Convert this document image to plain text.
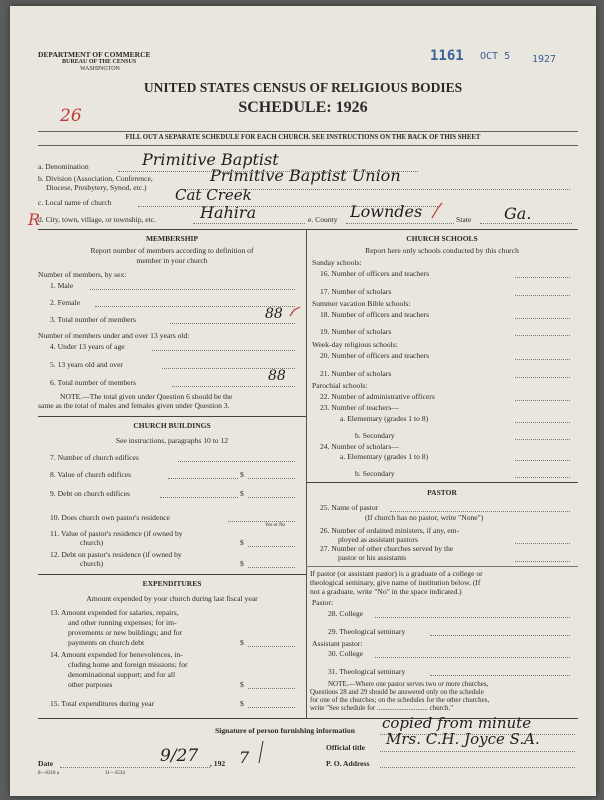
DEPARTMENT OF COMMERCE
BUREAU OF THE CENSUS
WASHINGTON
1161 OCT 5 1927
UNITED STATES CENSUS OF RELIGIOUS BODIES
SCHEDULE: 1926
26
FILL OUT A SEPARATE SCHEDULE FOR EACH CHURCH. SEE INSTRUCTIONS ON THE BACK OF THIS SHEET
a. Denomination	Primitive Baptist
b. Division (Association, Conference,
Diocese, Presbytery, Synod, etc.)
Primitive Baptist Union
c. Local name of church	Cat Creek
R
d. City, town, village, or township, etc.	Hahira	e. County Lowndes	State Ga.
MEMBERSHIP
Report number of members according to definition of
member in your church
Number of members, by sex:
1. Male
2. Female
3. Total number of members	88
Number of members under and over 13 years old:
4. Under 13 years of age
5. 13 years old and over
6. Total number of members	88
NOTE.—The total given under Question 6 should be the
same as the total of males and females given under Question 3.
CHURCH BUILDINGS
See instructions, paragraphs 10 to 12
7. Number of church edifices
8. Value of church edifices	$
9. Debt on church edifices	$
10. Does church own pastor's residence
Yes or No
11. Value of pastor's residence (if owned by
church)	$
12. Debt on pastor's residence (if owned by
church)	$
EXPENDITURES
Amount expended by your church during last fiscal year
13. Amount expended for salaries, repairs,
and other running expenses; for im-
provements or new buildings; and for
payments on church debt	$
14. Amount expended for benevolences, in-
cluding home and foreign missions; for
denominational support; and for all
other purposes	$
15. Total expenditures during year	$
CHURCH SCHOOLS
Report here only schools conducted by this church
Sunday schools:
16. Number of officers and teachers
17. Number of scholars
Summer vacation Bible schools:
18. Number of officers and teachers
19. Number of scholars
Week-day religious schools:
20. Number of officers and teachers
21. Number of scholars
Parochial schools:
22. Number of administrative officers
23. Number of teachers—
a. Elementary (grades 1 to 8)
b. Secondary
24. Number of scholars—
a. Elementary (grades 1 to 8)
b. Secondary
PASTOR
25. Name of pastor
(If church has no pastor, write "None")
26. Number of ordained ministers, if any, em-
ployed as assistant pastors
27. Number of other churches served by the
pastor or his assistants
If pastor (or assistant pastor) is a graduate of a college or
theological seminary, give name of institution below. (If
not a graduate, write "No" in the space indicated.)
Pastor:
28. College
29. Theological seminary
Assistant pastor:
30. College
31. Theological seminary
NOTE.—Where one pastor serves two or more churches,
Questions 28 and 29 should be answered only on the schedule
for one of the churches; on the schedules for the other churches,
write "See schedule for ............................. church."
Signature of person furnishing information copied from minute
Official title Mrs. C.H. Joyce S.A.
Date	9/27 , 192 7	P. O. Address
8—6318 a	11—3534
